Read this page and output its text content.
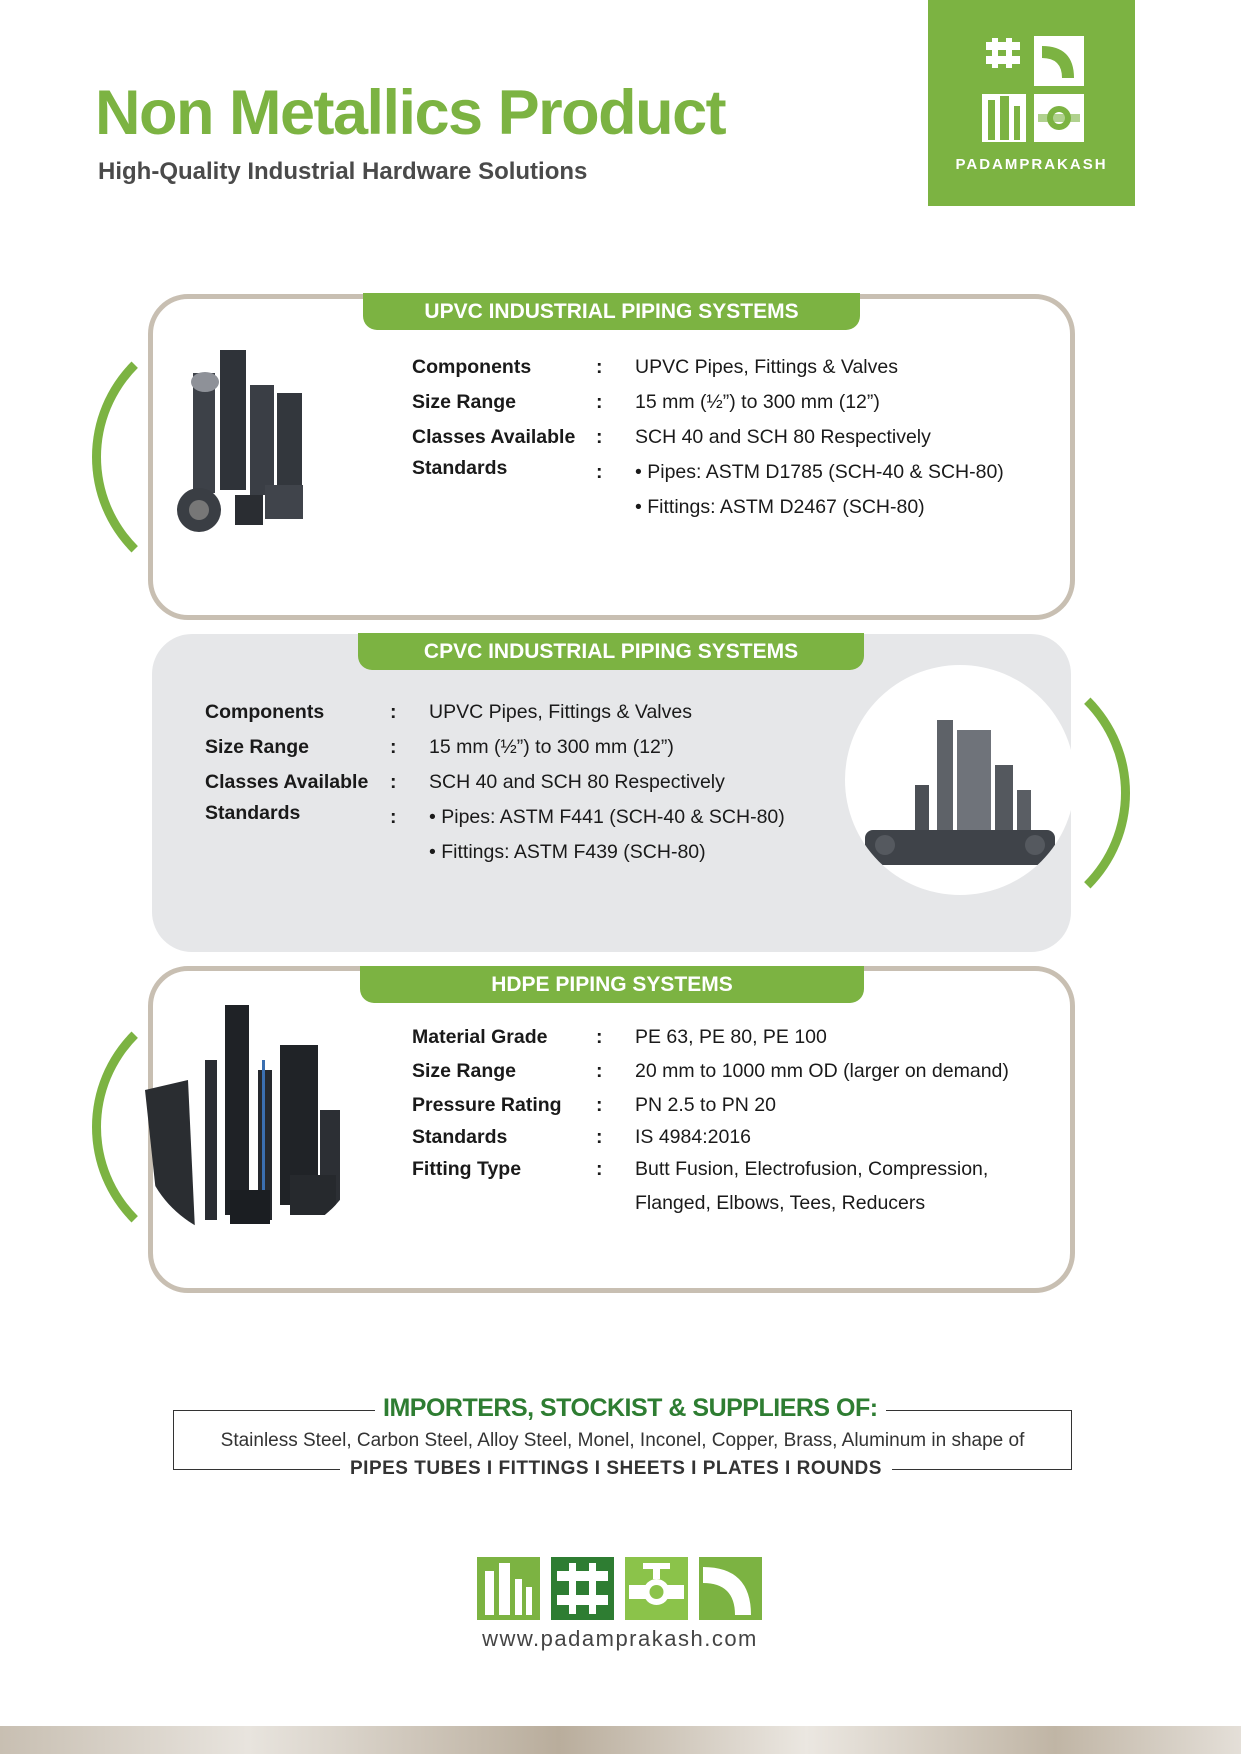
Non Metallics Product
High-Quality Industrial Hardware Solutions	PADAMPRAKASH
UPVC INDUSTRIAL PIPING SYSTEMS
Components	: UPVC Pipes, Fittings & Valves
Size Range	: 15 mm (½”) to 300 mm (12”)
Classes Available : SCH 40 and SCH 80 Respectively
Standards	: • Pipes: ASTM D1785 (SCH-40 & SCH-80)
• Fittings: ASTM D2467 (SCH-80)
CPVC INDUSTRIAL PIPING SYSTEMS
Components	: UPVC Pipes, Fittings & Valves
Size Range	: 15 mm (½”) to 300 mm (12”)
Classes Available : SCH 40 and SCH 80 Respectively
Standards	: • Pipes: ASTM F441 (SCH-40 & SCH-80)
• Fittings: ASTM F439 (SCH-80)
HDPE PIPING SYSTEMS
Material Grade : PE 63, PE 80, PE 100
Size Range	: 20 mm to 1000 mm OD (larger on demand)
Pressure Rating : PN 2.5 to PN 20
Standards	: IS 4984:2016
Fitting Type	: Butt Fusion, Electrofusion, Compression,
Flanged, Elbows, Tees, Reducers
IMPORTERS, STOCKIST & SUPPLIERS OF:
Stainless Steel, Carbon Steel, Alloy Steel, Monel, Inconel, Copper, Brass, Aluminum in shape of
PIPES TUBES I FITTINGS I SHEETS I PLATES I ROUNDS
www.padamprakash.com
